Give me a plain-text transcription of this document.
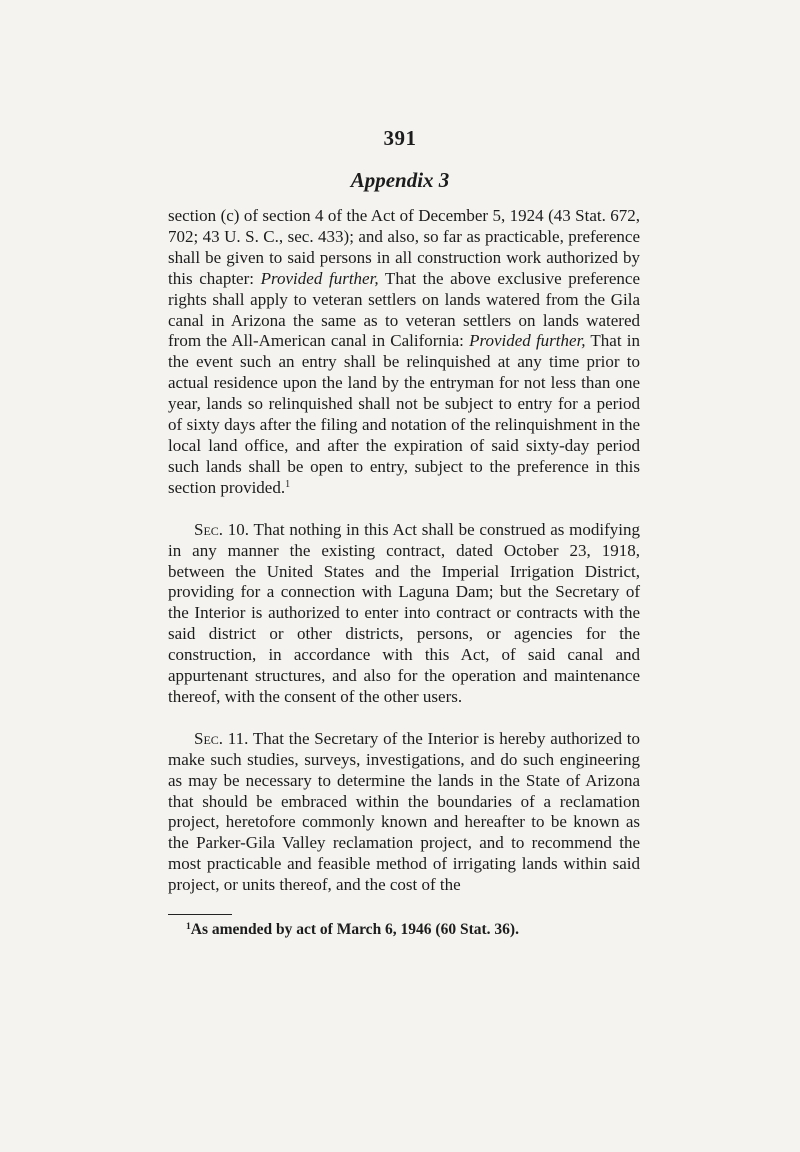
391
Appendix 3

section (c) of section 4 of the Act of December 5, 1924 (43 Stat. 672, 702; 43 U. S. C., sec. 433); and also, so far as practicable, preference shall be given to said persons in all construction work authorized by this chapter: Provided further, That the above exclusive preference rights shall apply to veteran settlers on lands watered from the Gila canal in Arizona the same as to veteran settlers on lands watered from the All-American canal in California: Provided further, That in the event such an entry shall be relinquished at any time prior to actual residence upon the land by the entryman for not less than one year, lands so relinquished shall not be subject to entry for a period of sixty days after the filing and notation of the relinquishment in the local land office, and after the expiration of said sixty-day period such lands shall be open to entry, subject to the preference in this section provided.$^1$

Sec. 10. That nothing in this Act shall be construed as modifying in any manner the existing contract, dated October 23, 1918, between the United States and the Imperial Irrigation District, providing for a connection with Laguna Dam; but the Secretary of the Interior is authorized to enter into contract or contracts with the said district or other districts, persons, or agencies for the construction, in accordance with this Act, of said canal and appurtenant structures, and also for the operation and maintenance thereof, with the consent of the other users.

Sec. 11. That the Secretary of the Interior is hereby authorized to make such studies, surveys, investigations, and do such engineering as may be necessary to determine the lands in the State of Arizona that should be embraced within the boundaries of a reclamation project, heretofore commonly known and hereafter to be known as the Parker-Gila Valley reclamation project, and to recommend the most practicable and feasible method of irrigating lands within said project, or units thereof, and the cost of the

$^1$As amended by act of March 6, 1946 (60 Stat. 36).
